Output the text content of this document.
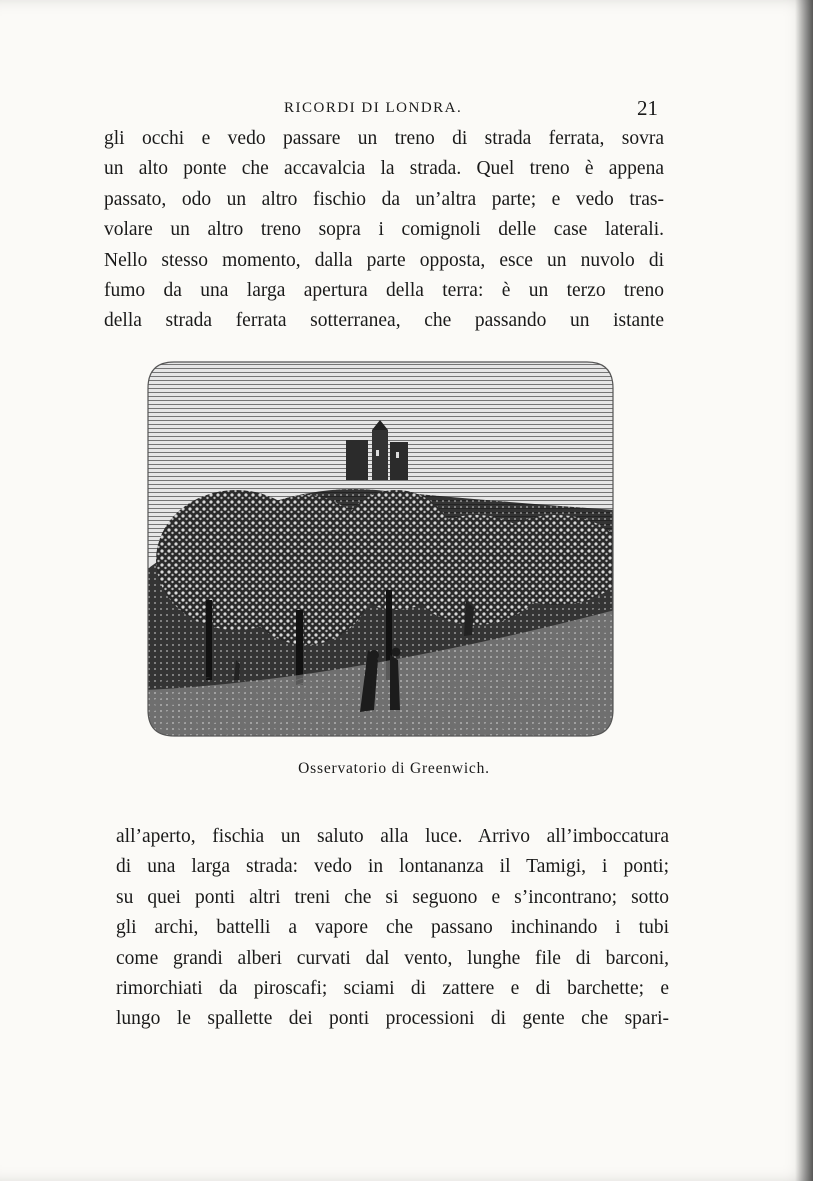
RICORDI DI LONDRA.	21
gli occhi e vedo passare un treno di strada ferrata, sovra
un alto ponte che accavalcia la strada. Quel treno è appena
passato, odo un altro fischio da un’altra parte; e vedo tras-
volare un altro treno sopra i comignoli delle case laterali.
Nello stesso momento, dalla parte opposta, esce un nuvolo di
fumo da una larga apertura della terra: è un terzo treno
della strada ferrata sotterranea, che passando un istante
Osservatorio di Greenwich.
all’aperto, fischia un saluto alla luce. Arrivo all’imboccatura
di una larga strada: vedo in lontananza il Tamigi, i ponti;
su quei ponti altri treni che si seguono e s’incontrano; sotto
gli archi, battelli a vapore che passano inchinando i tubi
come grandi alberi curvati dal vento, lunghe file di barconi,
rimorchiati da piroscafi; sciami di zattere e di barchette; e
lungo le spallette dei ponti processioni di gente che spari-
